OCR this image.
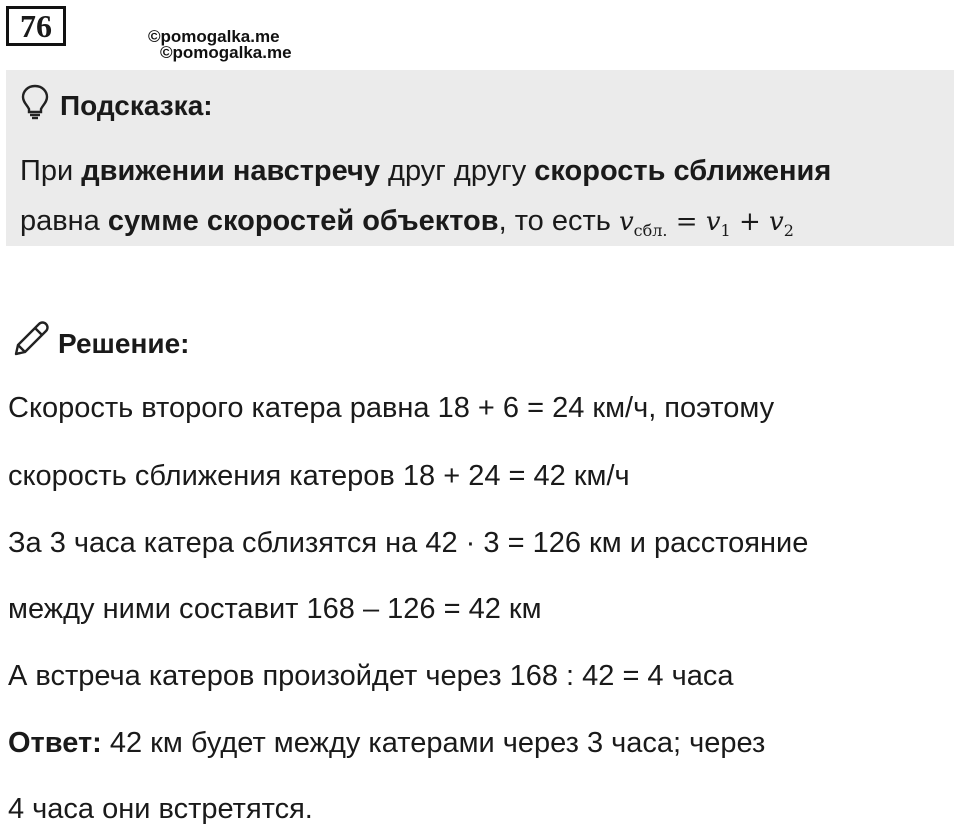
76	©pomogalka.me
©pomogalka.me
Подсказка:
При движении навстречу друг другу скорость сближения
равна сумме скоростей объектов, то есть $v_{сбл.} = v_1 + v_2$
Решение:
Скорость второго катера равна 18 + 6 = 24 км/ч, поэтому
скорость сближения катеров 18 + 24 = 42 км/ч
За 3 часа катера сблизятся на 42 · 3 = 126 км и расстояние
между ними составит 168 – 126 = 42 км
А встреча катеров произойдет через 168 : 42 = 4 часа
Ответ: 42 км будет между катерами через 3 часа; через
4 часа они встретятся.
